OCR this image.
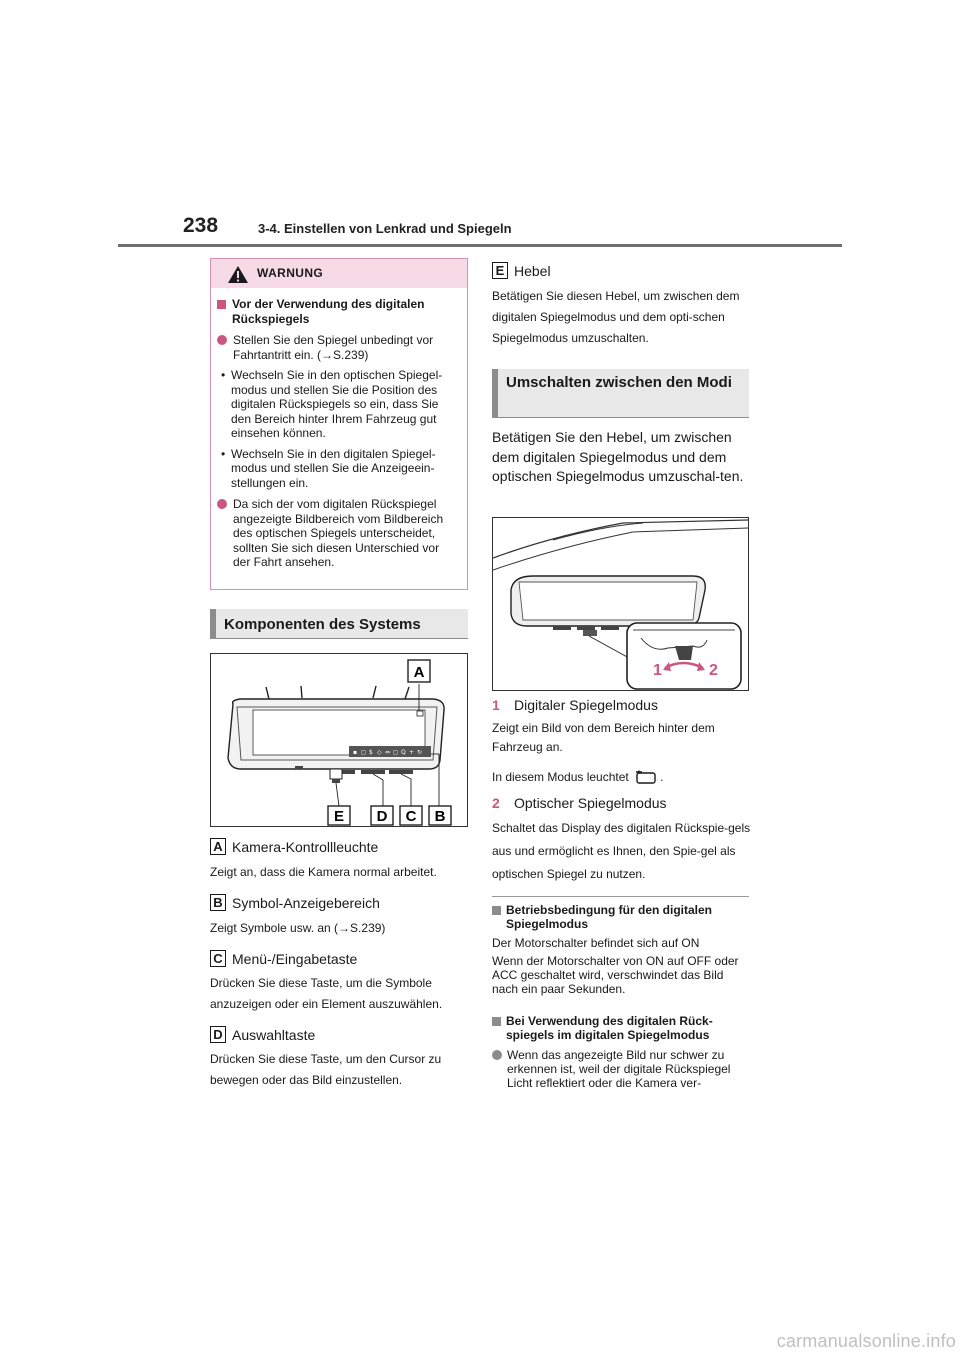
238	3-4. Einstellen von Lenkrad und Spiegeln
WARNUNG
Vor der Verwendung des digitalen Rückspiegels
Stellen Sie den Spiegel unbedingt vor Fahrtantritt ein. (→S.239)
• Wechseln Sie in den optischen Spiegel-modus und stellen Sie die Position des digitalen Rückspiegels so ein, dass Sie den Bereich hinter Ihrem Fahrzeug gut einsehen können.
• Wechseln Sie in den digitalen Spiegel-modus und stellen Sie die Anzeigeein-stellungen ein.
Da sich der vom digitalen Rückspiegel angezeigte Bildbereich vom Bildbereich des optischen Spiegels unterscheidet, sollten Sie sich diesen Unterschied vor der Fahrt ansehen.
Komponenten des Systems
▪ ◻ $ ◇ ⇔ ◻ Q + ↻
A
E D C B
A Kamera-Kontrollleuchte
Zeigt an, dass die Kamera normal arbeitet.
B Symbol-Anzeigebereich
Zeigt Symbole usw. an (→S.239)
C Menü-/Eingabetaste
Drücken Sie diese Taste, um die Symbole anzuzeigen oder ein Element auszuwählen.
D Auswahltaste
Drücken Sie diese Taste, um den Cursor zu bewegen oder das Bild einzustellen.
E Hebel
Betätigen Sie diesen Hebel, um zwischen dem digitalen Spiegelmodus und dem opti-schen Spiegelmodus umzuschalten.
Umschalten zwischen den Modi
Betätigen Sie den Hebel, um zwischen dem digitalen Spiegelmodus und dem optischen Spiegelmodus umzuschal-ten.
1	2
1	Digitaler Spiegelmodus
Zeigt ein Bild von dem Bereich hinter dem Fahrzeug an.
In diesem Modus leuchtet	.
2	Optischer Spiegelmodus
Schaltet das Display des digitalen Rückspie-gels aus und ermöglicht es Ihnen, den Spie-gel als optischen Spiegel zu nutzen.
Betriebsbedingung für den digitalen Spiegelmodus
Der Motorschalter befindet sich auf ON
Wenn der Motorschalter von ON auf OFF oder ACC geschaltet wird, verschwindet das Bild nach ein paar Sekunden.
Bei Verwendung des digitalen Rück-spiegels im digitalen Spiegelmodus
Wenn das angezeigte Bild nur schwer zu erkennen ist, weil der digitale Rückspiegel Licht reflektiert oder die Kamera ver-
carmanualsonline.info
